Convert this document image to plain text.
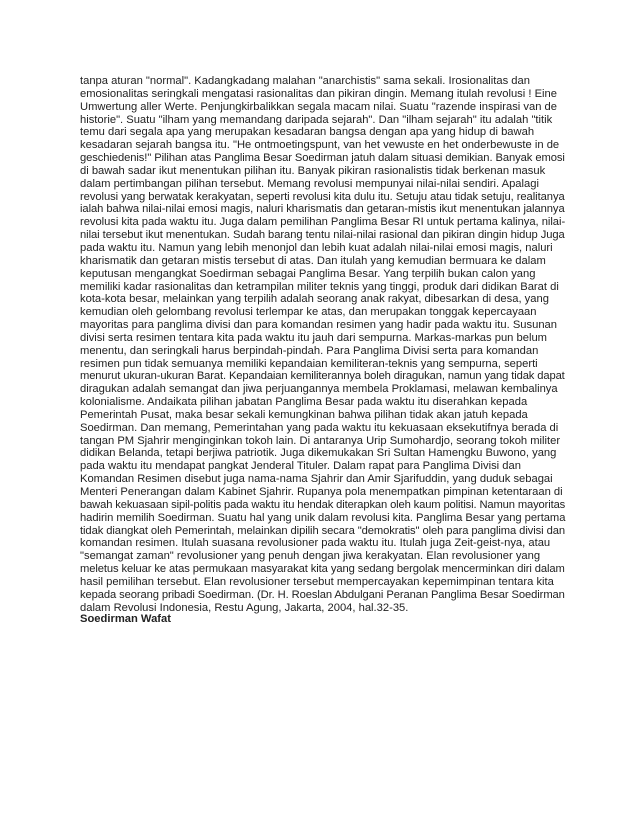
tanpa aturan "normal". Kadangkadang malahan "anarchistis" sama sekali. Irosionalitas dan
emosionalitas seringkali mengatasi rasionalitas dan pikiran dingin. Memang itulah revolusi ! Eine
Umwertung aller Werte. Penjungkirbalikkan segala macam nilai. Suatu "razende inspirasi van de
historie". Suatu "ilham yang memandang daripada sejarah". Dan "ilham sejarah" itu adalah "titik
temu dari segala apa yang merupakan kesadaran bangsa dengan apa yang hidup di bawah
kesadaran sejarah bangsa itu. "He ontmoetingspunt, van het vewuste en het onderbewuste in de
geschiedenis!" Pilihan atas Panglima Besar Soedirman jatuh dalam situasi demikian. Banyak emosi
di bawah sadar ikut menentukan pilihan itu. Banyak pikiran rasionalistis tidak berkenan masuk
dalam pertimbangan pilihan tersebut. Memang revolusi mempunyai nilai-nilai sendiri. Apalagi
revolusi yang berwatak kerakyatan, seperti revolusi kita dulu itu. Setuju atau tidak setuju, realitanya
ialah bahwa nilai-nilai emosi magis, naluri kharismatis dan getaran-mistis ikut menentukan jalannya
revolusi kita pada waktu itu. Juga dalam pemilihan Panglima Besar RI untuk pertama kalinya, nilai-
nilai tersebut ikut menentukan. Sudah barang tentu nilai-nilai rasional dan pikiran dingin hidup Juga
pada waktu itu. Namun yang lebih menonjol dan lebih kuat adalah nilai-nilai emosi magis, naluri
kharismatik dan getaran mistis tersebut di atas. Dan itulah yang kemudian bermuara ke dalam
keputusan mengangkat Soedirman sebagai Panglima Besar. Yang terpilih bukan calon yang
memiliki kadar rasionalitas dan ketrampilan militer teknis yang tinggi, produk dari didikan Barat di
kota-kota besar, melainkan yang terpilih adalah seorang anak rakyat, dibesarkan di desa, yang
kemudian oleh gelombang revolusi terlempar ke atas, dan merupakan tonggak kepercayaan
mayoritas para panglima divisi dan para komandan resimen yang hadir pada waktu itu. Susunan
divisi serta resimen tentara kita pada waktu itu jauh dari sempurna. Markas-markas pun belum
menentu, dan seringkali harus berpindah-pindah. Para Panglima Divisi serta para komandan
resimen pun tidak semuanya memiliki kepandaian kemiliteran-teknis yang sempurna, seperti
menurut ukuran-ukuran Barat. Kepandaian kemiliterannya boleh diragukan, namun yang tidak dapat
diragukan adalah semangat dan jiwa perjuangannya membela Proklamasi, melawan kembalinya
kolonialisme. Andaikata pilihan jabatan Panglima Besar pada waktu itu diserahkan kepada
Pemerintah Pusat, maka besar sekali kemungkinan bahwa pilihan tidak akan jatuh kepada
Soedirman. Dan memang, Pemerintahan yang pada waktu itu kekuasaan eksekutifnya berada di
tangan PM Sjahrir menginginkan tokoh lain. Di antaranya Urip Sumohardjo, seorang tokoh militer
didikan Belanda, tetapi berjiwa patriotik. Juga dikemukakan Sri Sultan Hamengku Buwono, yang
pada waktu itu mendapat pangkat Jenderal Tituler. Dalam rapat para Panglima Divisi dan
Komandan Resimen disebut juga nama-nama Sjahrir dan Amir Sjarifuddin, yang duduk sebagai
Menteri Penerangan dalam Kabinet Sjahrir. Rupanya pola menempatkan pimpinan ketentaraan di
bawah kekuasaan sipil-politis pada waktu itu hendak diterapkan oleh kaum politisi. Namun mayoritas
hadirin memilih Soedirman. Suatu hal yang unik dalam revolusi kita. Panglima Besar yang pertama
tidak diangkat oleh Pemerintah, melainkan dipilih secara "demokratis" oleh para panglima divisi dan
komandan resimen. Itulah suasana revolusioner pada waktu itu. Itulah juga Zeit-geist-nya, atau
"semangat zaman" revolusioner yang penuh dengan jiwa kerakyatan. Elan revolusioner yang
meletus keluar ke atas permukaan masyarakat kita yang sedang bergolak mencerminkan diri dalam
hasil pemilihan tersebut. Elan revolusioner tersebut mempercayakan kepemimpinan tentara kita
kepada seorang pribadi Soedirman. (Dr. H. Roeslan Abdulgani Peranan Panglima Besar Soedirman
dalam Revolusi Indonesia, Restu Agung, Jakarta, 2004, hal.32-35.
Soedirman Wafat
